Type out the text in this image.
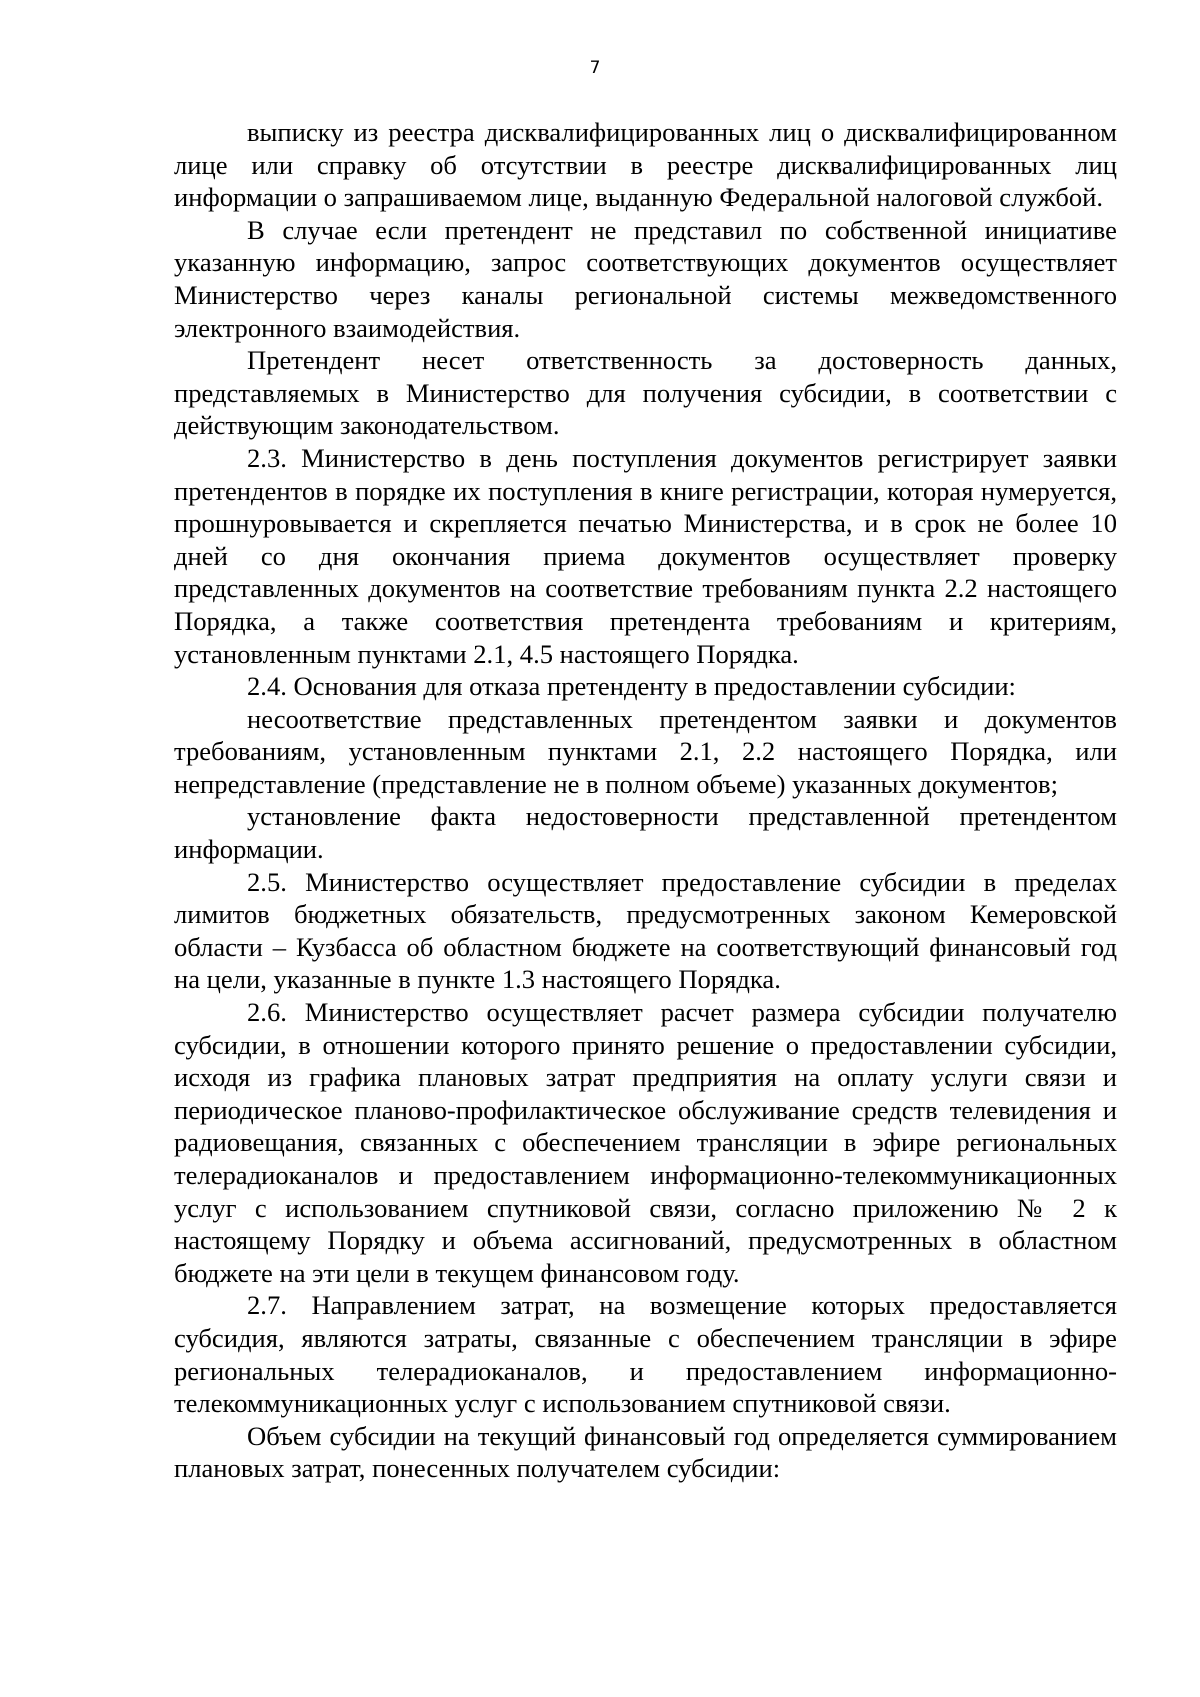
7

выписку из реестра дисквалифицированных лиц о дисквалифицированном лице или справку об отсутствии в реестре дисквалифицированных лиц информации о запрашиваемом лице, выданную Федеральной налоговой службой.

В случае если претендент не представил по собственной инициативе указанную информацию, запрос соответствующих документов осуществляет Министерство через каналы региональной системы межведомственного электронного взаимодействия.

Претендент несет ответственность за достоверность данных, представляемых в Министерство для получения субсидии, в соответствии с действующим законодательством.

2.3. Министерство в день поступления документов регистрирует заявки претендентов в порядке их поступления в книге регистрации, которая нумеруется, прошнуровывается и скрепляется печатью Министерства, и в срок не более 10 дней со дня окончания приема документов осуществляет проверку представленных документов на соответствие требованиям пункта 2.2 настоящего Порядка, а также соответствия претендента требованиям и критериям, установленным пунктами 2.1, 4.5 настоящего Порядка.

2.4. Основания для отказа претенденту в предоставлении субсидии:

несоответствие представленных претендентом заявки и документов требованиям, установленным пунктами 2.1, 2.2 настоящего Порядка, или непредставление (представление не в полном объеме) указанных документов;

установление факта недостоверности представленной претендентом информации.

2.5. Министерство осуществляет предоставление субсидии в пределах лимитов бюджетных обязательств, предусмотренных законом Кемеровской области – Кузбасса об областном бюджете на соответствующий финансовый год на цели, указанные в пункте 1.3 настоящего Порядка.

2.6. Министерство осуществляет расчет размера субсидии получателю субсидии, в отношении которого принято решение о предоставлении субсидии, исходя из графика плановых затрат предприятия на оплату услуги связи и периодическое планово-профилактическое обслуживание средств телевидения и радиовещания, связанных с обеспечением трансляции в эфире региональных телерадиоканалов и предоставлением информационно-телекоммуникационных услуг с использованием спутниковой связи, согласно приложению № 2 к настоящему Порядку и объема ассигнований, предусмотренных в областном бюджете на эти цели в текущем финансовом году.

2.7. Направлением затрат, на возмещение которых предоставляется субсидия, являются затраты, связанные с обеспечением трансляции в эфире региональных телерадиоканалов, и предоставлением информационно-телекоммуникационных услуг с использованием спутниковой связи.

Объем субсидии на текущий финансовый год определяется суммированием плановых затрат, понесенных получателем субсидии:
